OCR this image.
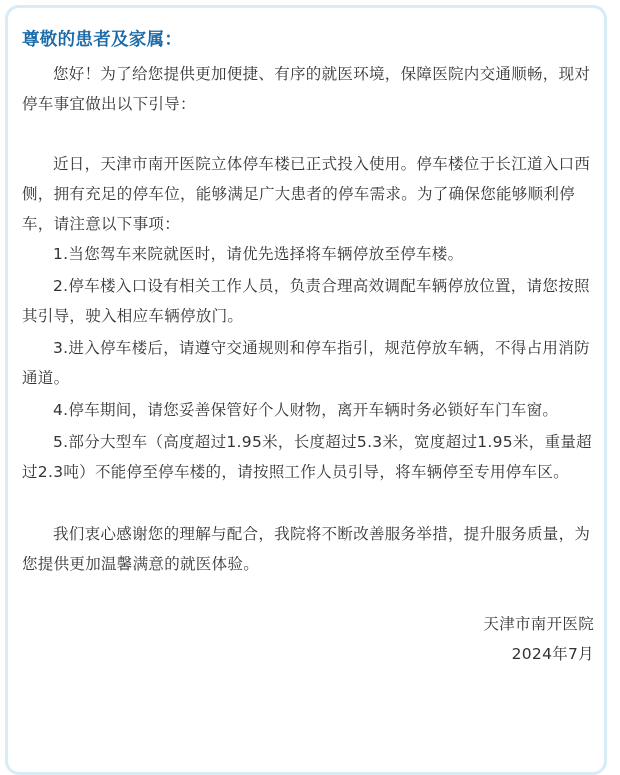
尊敬的患者及家属：

您好！为了给您提供更加便捷、有序的就医环境，保障医院内交通顺畅，现对停车事宜做出以下引导：

近日，天津市南开医院立体停车楼已正式投入使用。停车楼位于长江道入口西侧，拥有充足的停车位，能够满足广大患者的停车需求。为了确保您能够顺利停车，请注意以下事项：

1.当您驾车来院就医时，请优先选择将车辆停放至停车楼。

2.停车楼入口设有相关工作人员，负责合理高效调配车辆停放位置，请您按照其引导，驶入相应车辆停放门。

3.进入停车楼后，请遵守交通规则和停车指引，规范停放车辆，不得占用消防通道。

4.停车期间，请您妥善保管好个人财物，离开车辆时务必锁好车门车窗。

5.部分大型车（高度超过1.95米，长度超过5.3米，宽度超过1.95米，重量超过2.3吨）不能停至停车楼的，请按照工作人员引导，将车辆停至专用停车区。

我们衷心感谢您的理解与配合，我院将不断改善服务举措，提升服务质量，为您提供更加温馨满意的就医体验。

天津市南开医院

2024年7月
